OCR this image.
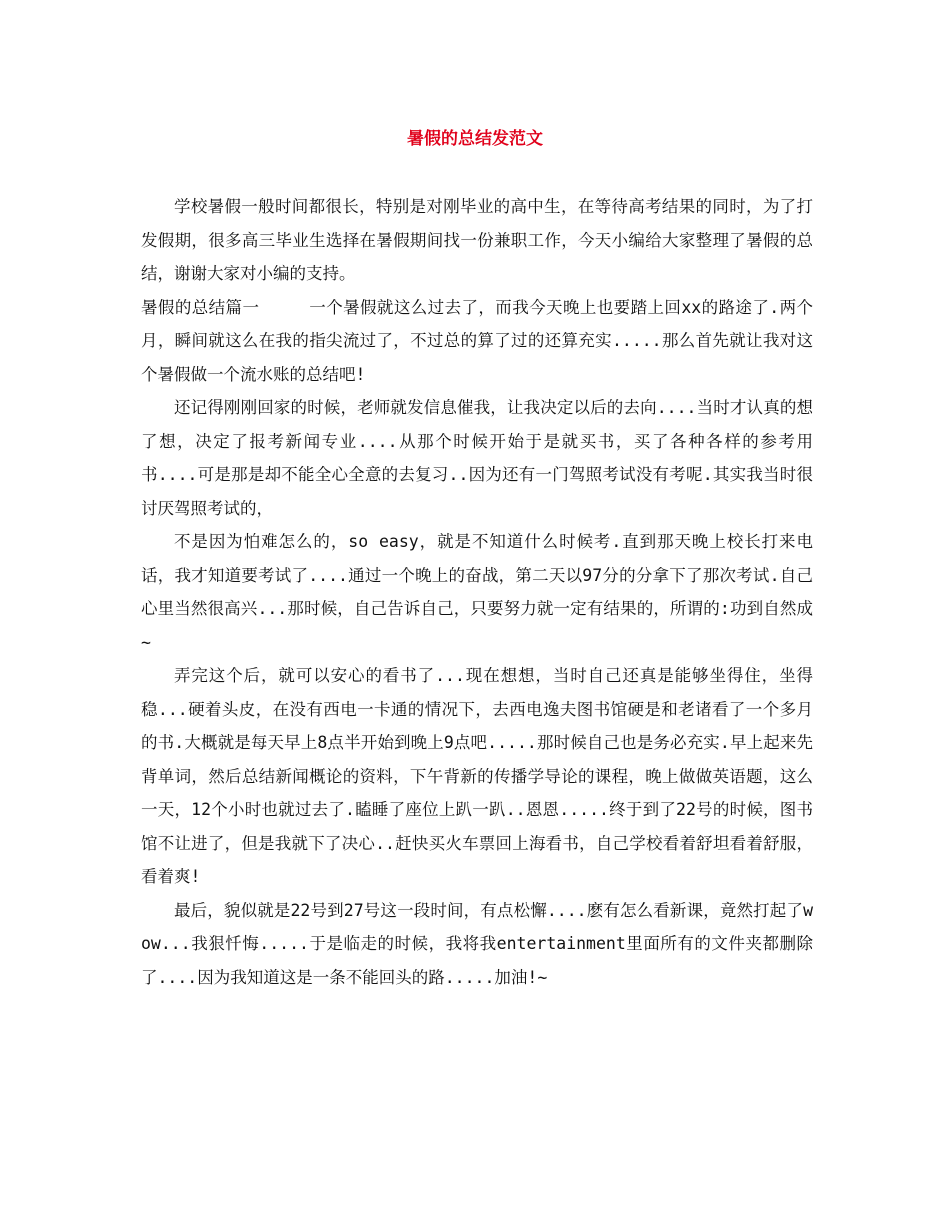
暑假的总结发范文

学校暑假一般时间都很长，特别是对刚毕业的高中生，在等待高考结果的同时，为了打发假期，很多高三毕业生选择在暑假期间找一份兼职工作，今天小编给大家整理了暑假的总结，谢谢大家对小编的支持。

暑假的总结篇一	一个暑假就这么过去了，而我今天晚上也要踏上回xx的路途了.两个月，瞬间就这么在我的指尖流过了，不过总的算了过的还算充实.....那么首先就让我对这个暑假做一个流水账的总结吧!

还记得刚刚回家的时候，老师就发信息催我，让我决定以后的去向....当时才认真的想了想，决定了报考新闻专业....从那个时候开始于是就买书，买了各种各样的参考用书....可是那是却不能全心全意的去复习..因为还有一门驾照考试没有考呢.其实我当时很讨厌驾照考试的，

不是因为怕难怎么的，so easy，就是不知道什么时候考.直到那天晚上校长打来电话，我才知道要考试了....通过一个晚上的奋战，第二天以97分的分拿下了那次考试.自己心里当然很高兴...那时候，自己告诉自己，只要努力就一定有结果的，所谓的:功到自然成~

弄完这个后，就可以安心的看书了...现在想想，当时自己还真是能够坐得住，坐得稳...硬着头皮，在没有西电一卡通的情况下，去西电逸夫图书馆硬是和老诸看了一个多月的书.大概就是每天早上8点半开始到晚上9点吧.....那时候自己也是务必充实.早上起来先背单词，然后总结新闻概论的资料，下午背新的传播学导论的课程，晚上做做英语题，这么一天，12个小时也就过去了.瞌睡了座位上趴一趴..恩恩.....终于到了22号的时候，图书馆不让进了，但是我就下了决心..赶快买火车票回上海看书，自己学校看着舒坦看着舒服，看着爽!

最后，貌似就是22号到27号这一段时间，有点松懈....麽有怎么看新课，竟然打起了wow...我狠忏悔.....于是临走的时候，我将我entertainment里面所有的文件夹都删除了....因为我知道这是一条不能回头的路.....加油!~
